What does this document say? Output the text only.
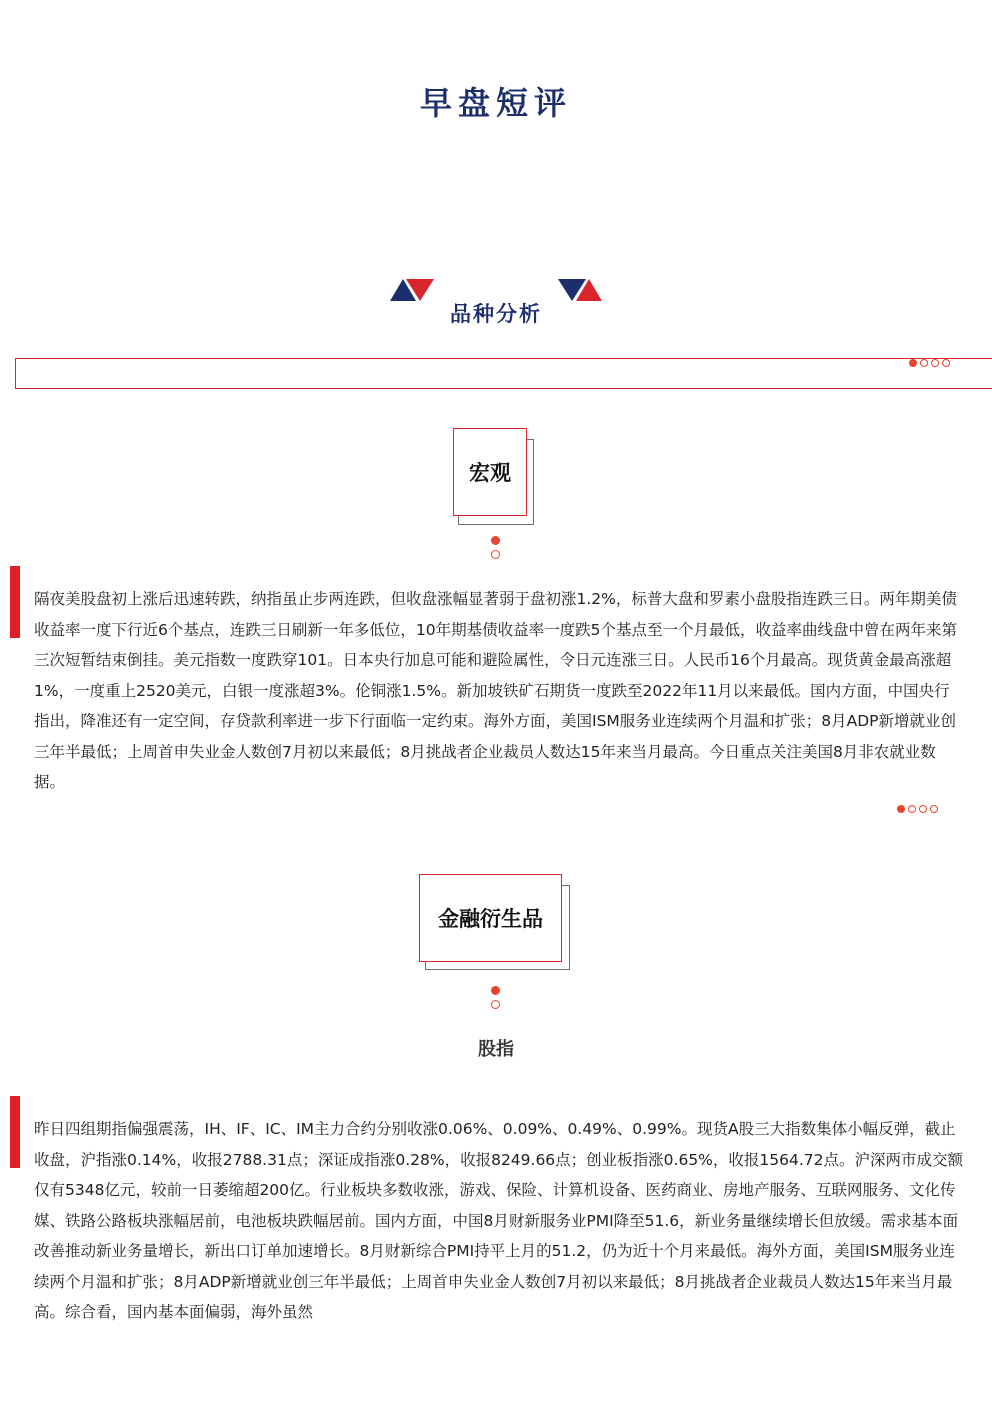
早盘短评
品种分析
宏观
隔夜美股盘初上涨后迅速转跌，纳指虽止步两连跌，但收盘涨幅显著弱于盘初涨1.2%，标普大盘和罗素小盘股指连跌三日。两年期美债收益率一度下行近6个基点，连跌三日刷新一年多低位，10年期基债收益率一度跌5个基点至一个月最低，收益率曲线盘中曾在两年来第三次短暂结束倒挂。美元指数一度跌穿101。日本央行加息可能和避险属性，令日元连涨三日。人民币16个月最高。现货黄金最高涨超1%，一度重上2520美元，白银一度涨超3%。伦铜涨1.5%。新加坡铁矿石期货一度跌至2022年11月以来最低。国内方面，中国央行指出，降准还有一定空间，存贷款利率进一步下行面临一定约束。海外方面，美国ISM服务业连续两个月温和扩张；8月ADP新增就业创三年半最低；上周首申失业金人数创7月初以来最低；8月挑战者企业裁员人数达15年来当月最高。今日重点关注美国8月非农就业数据。
金融衍生品
股指
昨日四组期指偏强震荡，IH、IF、IC、IM主力合约分别收涨0.06%、0.09%、0.49%、0.99%。现货A股三大指数集体小幅反弹，截止收盘，沪指涨0.14%，收报2788.31点；深证成指涨0.28%，收报8249.66点；创业板指涨0.65%，收报1564.72点。沪深两市成交额仅有5348亿元，较前一日萎缩超200亿。行业板块多数收涨，游戏、保险、计算机设备、医药商业、房地产服务、互联网服务、文化传媒、铁路公路板块涨幅居前，电池板块跌幅居前。国内方面，中国8月财新服务业PMI降至51.6，新业务量继续增长但放缓。需求基本面改善推动新业务量增长，新出口订单加速增长。8月财新综合PMI持平上月的51.2，仍为近十个月来最低。海外方面，美国ISM服务业连续两个月温和扩张；8月ADP新增就业创三年半最低；上周首申失业金人数创7月初以来最低；8月挑战者企业裁员人数达15年来当月最高。综合看，国内基本面偏弱，海外虽然
